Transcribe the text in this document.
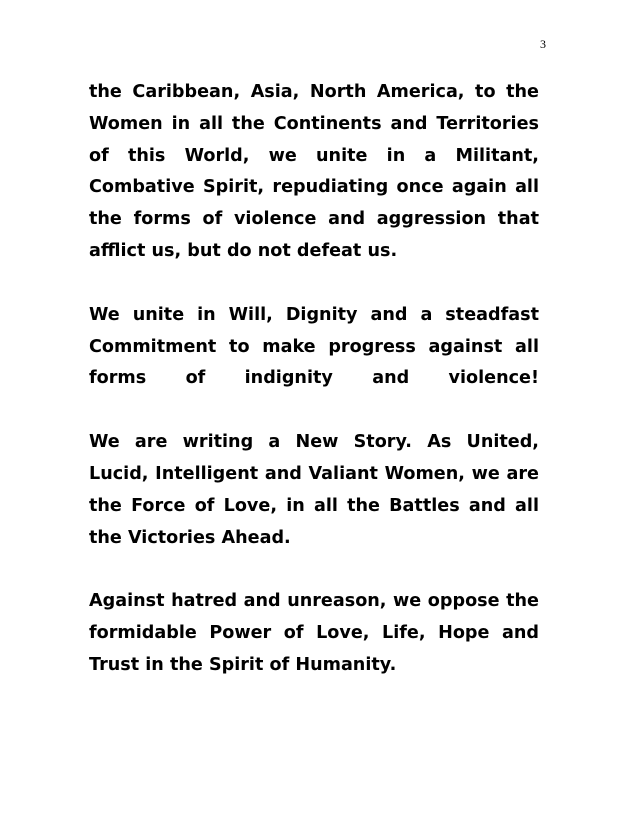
3

the Caribbean, Asia, North America, to the Women in all the Continents and Territories of this World, we unite in a Militant, Combative Spirit, repudiating once again all the forms of violence and aggression that afflict us, but do not defeat us.

We unite in Will, Dignity and a steadfast Commitment to make progress against all forms of indignity and violence!

We are writing a New Story. As United, Lucid, Intelligent and Valiant Women, we are the Force of Love, in all the Battles and all the Victories Ahead.

Against hatred and unreason, we oppose the formidable Power of Love, Life, Hope and Trust in the Spirit of Humanity.
